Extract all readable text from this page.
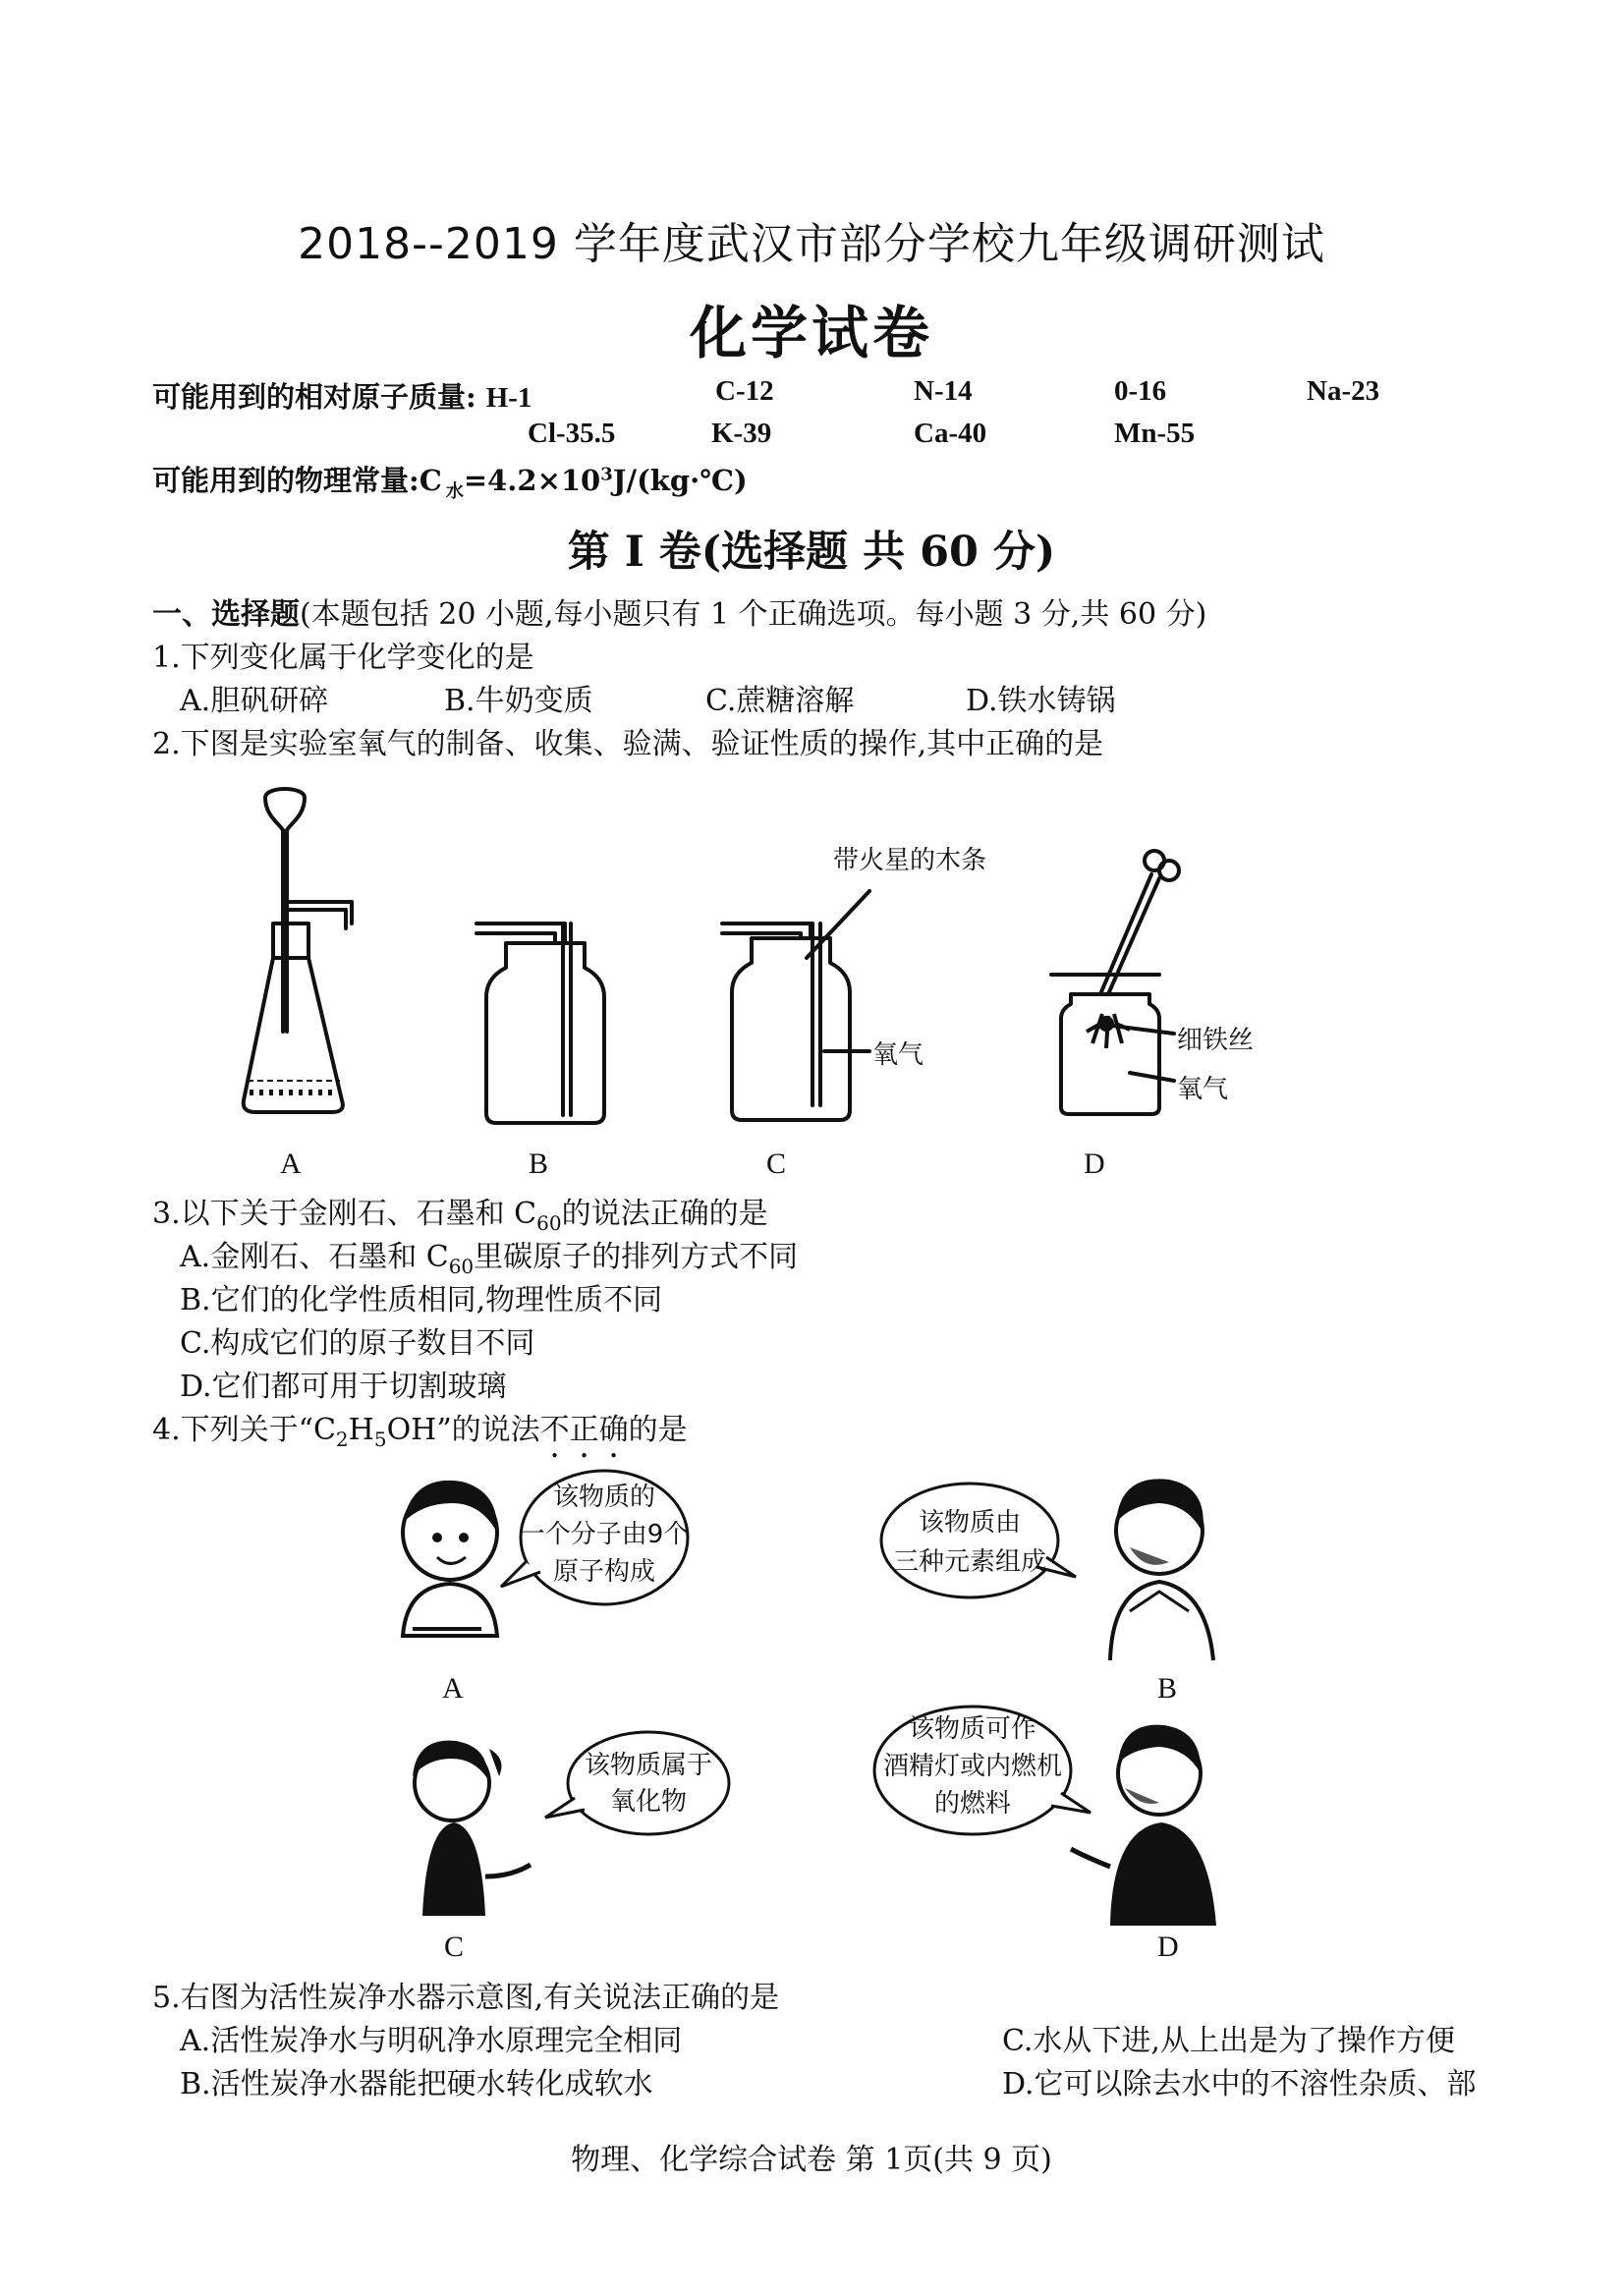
2018--2019 学年度武汉市部分学校九年级调研测试
化学试卷
可能用到的相对原子质量: H-1	C-12	N-14	0-16	Na-23
Cl-35.5	K-39	Ca-40	Mn-55
可能用到的物理常量:C $_水=4.2\times 10^3J/(kg\cdot℃)$
第 I 卷(选择题 共 60 分)
一、选择题(本题包括 20 小题,每小题只有 1 个正确选项。每小题 3 分,共 60 分)
1.下列变化属于化学变化的是
A.胆矾研碎	B.牛奶变质	C.蔗糖溶解	D.铁水铸锅
2.下图是实验室氧气的制备、收集、验满、验证性质的操作,其中正确的是
A	B
带火星的木条
氧气
C
细铁丝
氧气
D
3.以下关于金刚石、石墨和 $C_{60}$的说法正确的是
A.金刚石、石墨和 $C_{60}$里碳原子的排列方式不同
B.它们的化学性质相同,物理性质不同
C.构成它们的原子数目不同
D.它们都可用于切割玻璃
4.下列关于“$C_2H_5OH$”的说法不正确的是
该物质的
一个分子由9个
原子构成
该物质由
三种元素组成
该物质属于
氧化物
该物质可作
酒精灯或内燃机
的燃料
A	B
C	D
5.右图为活性炭净水器示意图,有关说法正确的是
A.活性炭净水与明矾净水原理完全相同
B.活性炭净水器能把硬水转化成软水
C.水从下进,从上出是为了操作方便
D.它可以除去水中的不溶性杂质、部
物理、化学综合试卷 第 1页(共 9 页)
